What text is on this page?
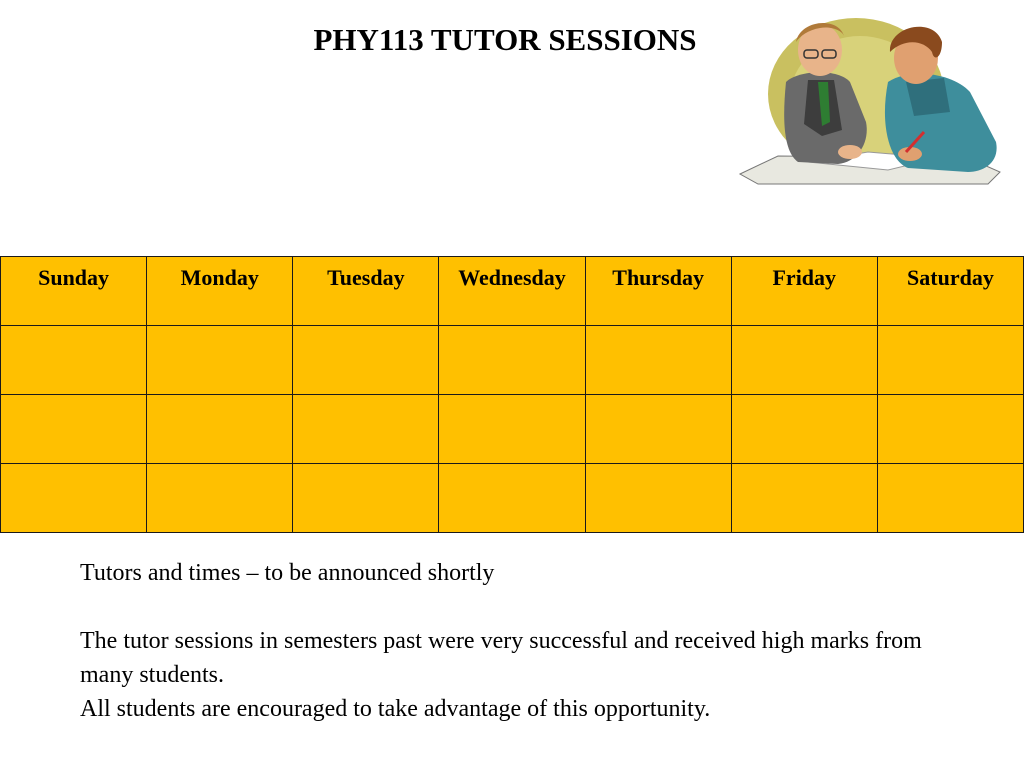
PHY113 TUTOR SESSIONS
Sunday	Monday	Tuesday	Wednesday	Thursday	Friday	Saturday

Tutors and times – to be announced shortly

The tutor sessions in semesters past were very successful and received high marks from many students.

All students are encouraged to take advantage of this opportunity.
